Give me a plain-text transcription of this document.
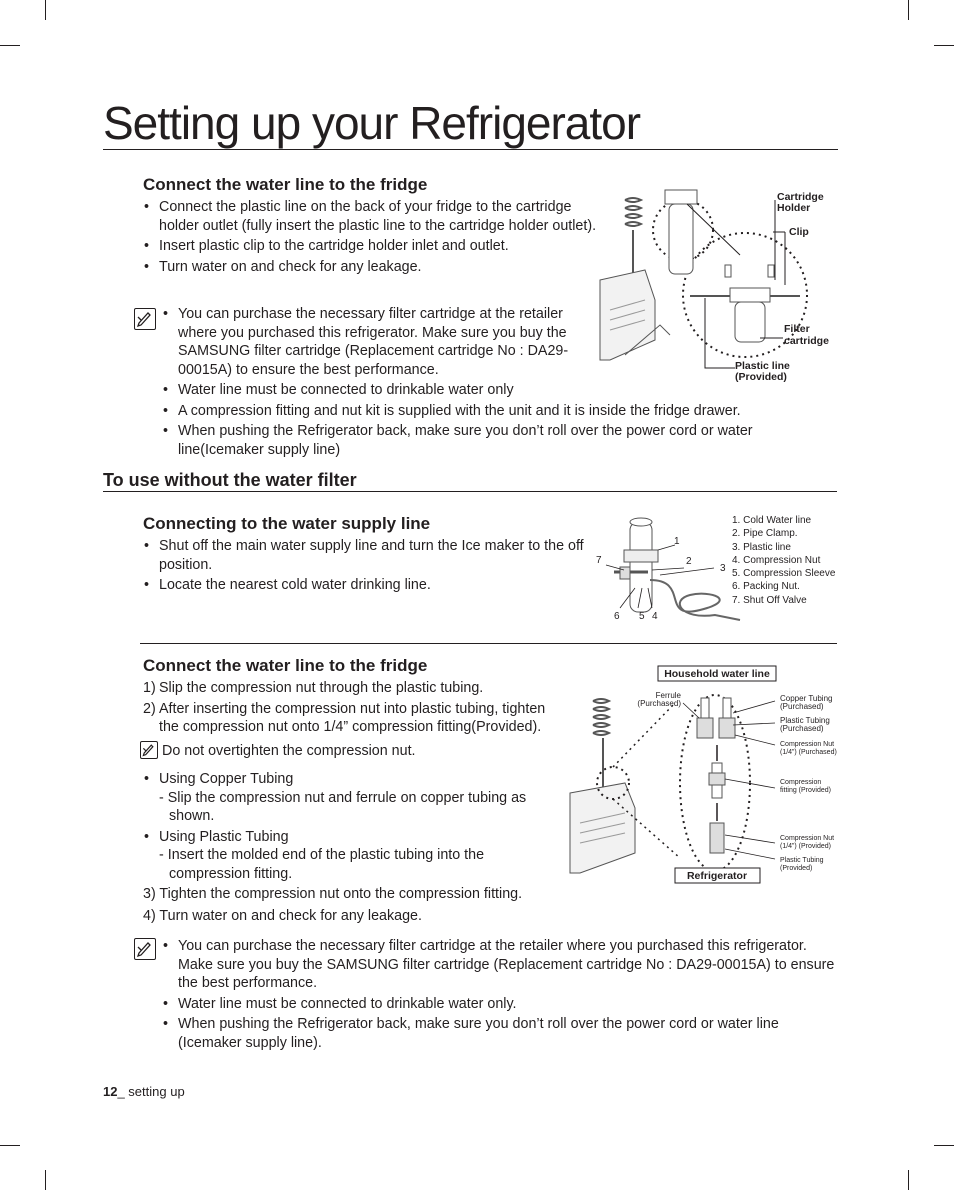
Setting up your Refrigerator
Connect the water line to the fridge
• Connect the plastic line on the back of your fridge to the cartridge holder outlet (fully insert the plastic line to the cartridge holder outlet).
• Insert plastic clip to the cartridge holder inlet and outlet.
• Turn water on and check for any leakage.
• You can purchase the necessary filter cartridge at the retailer where you purchased this refrigerator. Make sure you buy the SAMSUNG filter cartridge (Replacement cartridge No : DA29-00015A) to ensure the best performance.
• Water line must be connected to drinkable water only
• A compression fitting and nut kit is supplied with the unit and it is inside the fridge drawer.
• When pushing the Refrigerator back, make sure you don’t roll over the power cord or water line(Icemaker supply line)
Cartridge
Holder
Clip
Filter
cartridge
Plastic line
(Provided)
To use without the water filter
Connecting to the water supply line
• Shut off the main water supply line and turn the Ice maker to the off position.
• Locate the nearest cold water drinking line.
1
2
3
4
5
6
7
1. Cold Water line
2. Pipe Clamp.
3. Plastic line
4. Compression Nut
5. Compression Sleeve
6. Packing Nut.
7. Shut Off Valve
Connect the water line to the fridge
1) Slip the compression nut through the plastic tubing.
2) After inserting the compression nut into plastic tubing, tighten the compression nut onto 1/4” compression fitting(Provided).
Do not overtighten the compression nut.
• Using Copper Tubing
- Slip the compression nut and ferrule on copper tubing as shown.
• Using Plastic Tubing
- Insert the molded end of the plastic tubing into the compression fitting.
3) Tighten the compression nut onto the compression fitting.
4) Turn water on and check for any leakage.
Household water line
Ferrule
(Purchased)
Copper Tubing
(Purchased)
Plastic Tubing
(Purchased)
Compression Nut
(1/4”) (Purchased)
Compression
fitting (Provided)
Compression Nut
(1/4”) (Provided)
Plastic Tubing
(Provided)
Refrigerator
• You can purchase the necessary filter cartridge at the retailer where you purchased this refrigerator. Make sure you buy the SAMSUNG filter cartridge (Replacement cartridge No : DA29-00015A) to ensure the best performance.
• Water line must be connected to drinkable water only.
• When pushing the Refrigerator back, make sure you don’t roll over the power cord or water line (Icemaker supply line).
12_ setting up
